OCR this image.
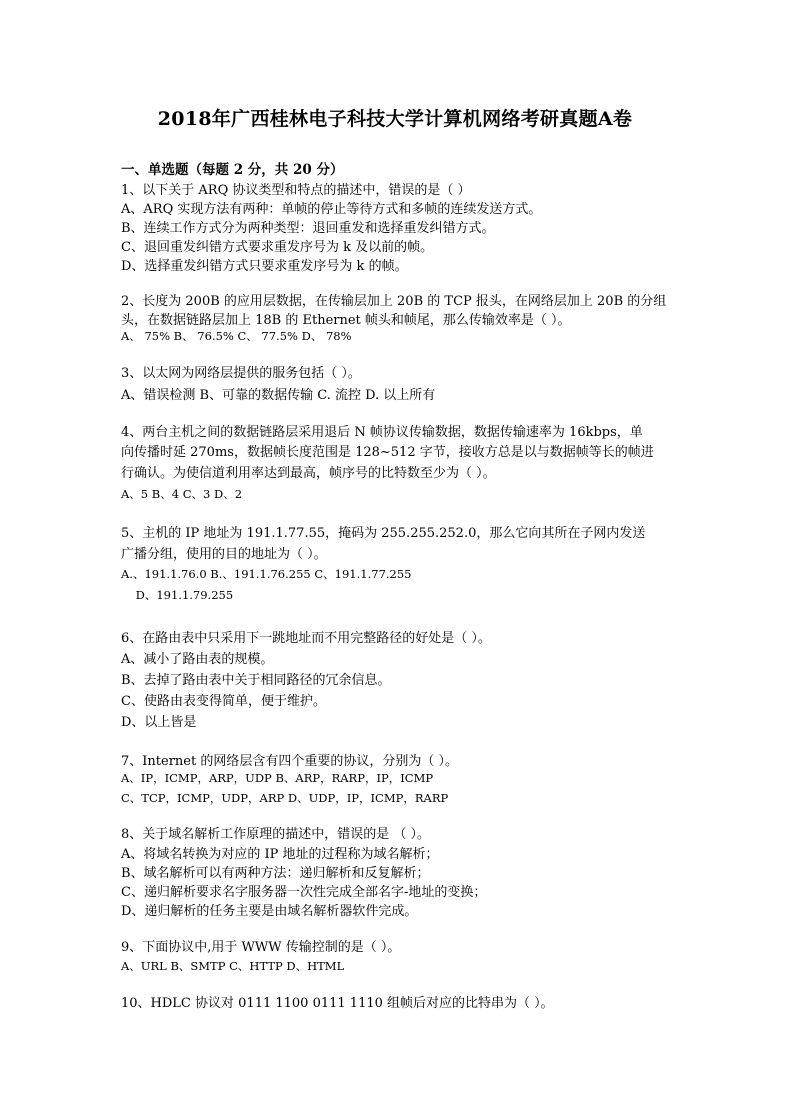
2018年广西桂林电子科技大学计算机网络考研真题A卷
一、单选题（每题 2 分，共 20 分）
1、以下关于 ARQ 协议类型和特点的描述中，错误的是（ ）
A、ARQ 实现方法有两种：单帧的停止等待方式和多帧的连续发送方式。
B、连续工作方式分为两种类型：退回重发和选择重发纠错方式。
C、退回重发纠错方式要求重发序号为 k 及以前的帧。
D、选择重发纠错方式只要求重发序号为 k 的帧。
2、长度为 200B 的应用层数据，在传输层加上 20B 的 TCP 报头，在网络层加上 20B 的分组
头，在数据链路层加上 18B 的 Ethernet 帧头和帧尾，那么传输效率是（ ）。
A、 75% B、 76.5% C、 77.5% D、 78%
3、以太网为网络层提供的服务包括（ ）。
A、错误检测 B、可靠的数据传输 C. 流控 D. 以上所有
4、两台主机之间的数据链路层采用退后 N 帧协议传输数据，数据传输速率为 16kbps，单
向传播时延 270ms，数据帧长度范围是 128~512 字节，接收方总是以与数据帧等长的帧进
行确认。为使信道利用率达到最高，帧序号的比特数至少为（ ）。
A、5 B、4 C、3 D、2
5、主机的 IP 地址为 191.1.77.55，掩码为 255.255.252.0，那么它向其所在子网内发送
广播分组，使用的目的地址为（ ）。
A.、191.1.76.0 B.、191.1.76.255 C、191.1.77.255
D、191.1.79.255
6、在路由表中只采用下一跳地址而不用完整路径的好处是（ ）。
A、减小了路由表的规模。
B、去掉了路由表中关于相同路径的冗余信息。
C、使路由表变得简单，便于维护。
D、以上皆是
7、Internet 的网络层含有四个重要的协议，分别为（ ）。
A、IP，ICMP，ARP，UDP B、ARP，RARP，IP，ICMP
C、TCP，ICMP，UDP，ARP D、UDP，IP，ICMP，RARP
8、关于域名解析工作原理的描述中，错误的是 （ ）。
A、将域名转换为对应的 IP 地址的过程称为域名解析；
B、域名解析可以有两种方法：递归解析和反复解析；
C、递归解析要求名字服务器一次性完成全部名字-地址的变换；
D、递归解析的任务主要是由域名解析器软件完成。
9、下面协议中,用于 WWW 传输控制的是（ ）。
A、URL B、SMTP C、HTTP D、HTML
10、HDLC 协议对 0111 1100 0111 1110 组帧后对应的比特串为（ ）。
